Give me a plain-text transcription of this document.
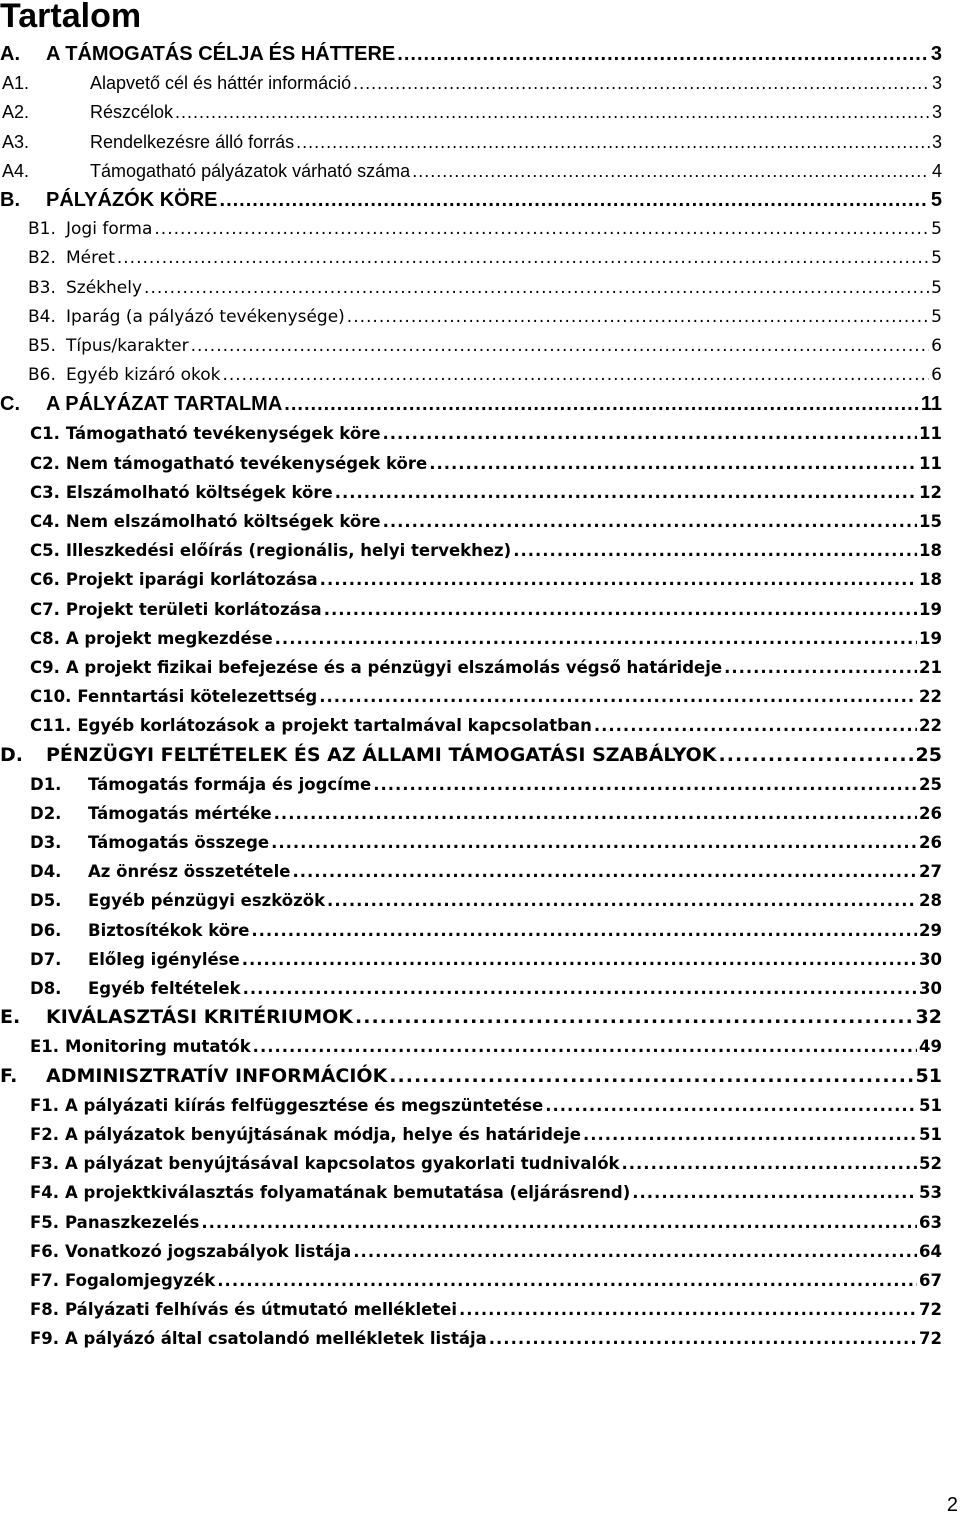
Tartalom
A.	A TÁMOGATÁS CÉLJA ÉS HÁTTERE .....	3
A1.	Alapvető cél és háttér információ .....	3
A2.	Részcélok .....	3
A3.	Rendelkezésre álló forrás .....	3
A4.	Támogatható pályázatok várható száma .....	4
B.	PÁLYÁZÓK KÖRE .....	5
B1. Jogi forma .....	5
B2. Méret .....	5
B3. Székhely .....	5
B4. Iparág (a pályázó tevékenysége) .....	5
B5. Típus/karakter .....	6
B6. Egyéb kizáró okok .....	6
C.	A PÁLYÁZAT TARTALMA .....	11
C1. Támogatható tevékenységek köre .....	11
C2. Nem támogatható tevékenységek köre .....	11
C3. Elszámolható költségek köre .....	12
C4. Nem elszámolható költségek köre .....	15
C5. Illeszkedési előírás (regionális, helyi tervekhez) .....	18
C6. Projekt iparági korlátozása .....	18
C7. Projekt területi korlátozása .....	19
C8. A projekt megkezdése .....	19
C9. A projekt fizikai befejezése és a pénzügyi elszámolás végső határideje .....	21
C10. Fenntartási kötelezettség .....	22
C11. Egyéb korlátozások a projekt tartalmával kapcsolatban .....	22
D.	PÉNZÜGYI FELTÉTELEK ÉS AZ ÁLLAMI TÁMOGATÁSI SZABÁLYOK .....	25
D1.	Támogatás formája és jogcíme .....	25
D2.	Támogatás mértéke .....	26
D3.	Támogatás összege .....	26
D4.	Az önrész összetétele .....	27
D5.	Egyéb pénzügyi eszközök .....	28
D6.	Biztosítékok köre .....	29
D7.	Előleg igénylése .....	30
D8.	Egyéb feltételek .....	30
E.	KIVÁLASZTÁSI KRITÉRIUMOK .....	32
E1. Monitoring mutatók .....	49
F.	ADMINISZTRATÍV INFORMÁCIÓK .....	51
F1. A pályázati kiírás felfüggesztése és megszüntetése .....	51
F2. A pályázatok benyújtásának módja, helye és határideje .....	51
F3. A pályázat benyújtásával kapcsolatos gyakorlati tudnivalók .....	52
F4. A projektkiválasztás folyamatának bemutatása (eljárásrend) .....	53
F5. Panaszkezelés .....	63
F6. Vonatkozó jogszabályok listája .....	64
F7. Fogalomjegyzék .....	67
F8. Pályázati felhívás és útmutató mellékletei .....	72
F9. A pályázó által csatolandó mellékletek listája .....	72
2
